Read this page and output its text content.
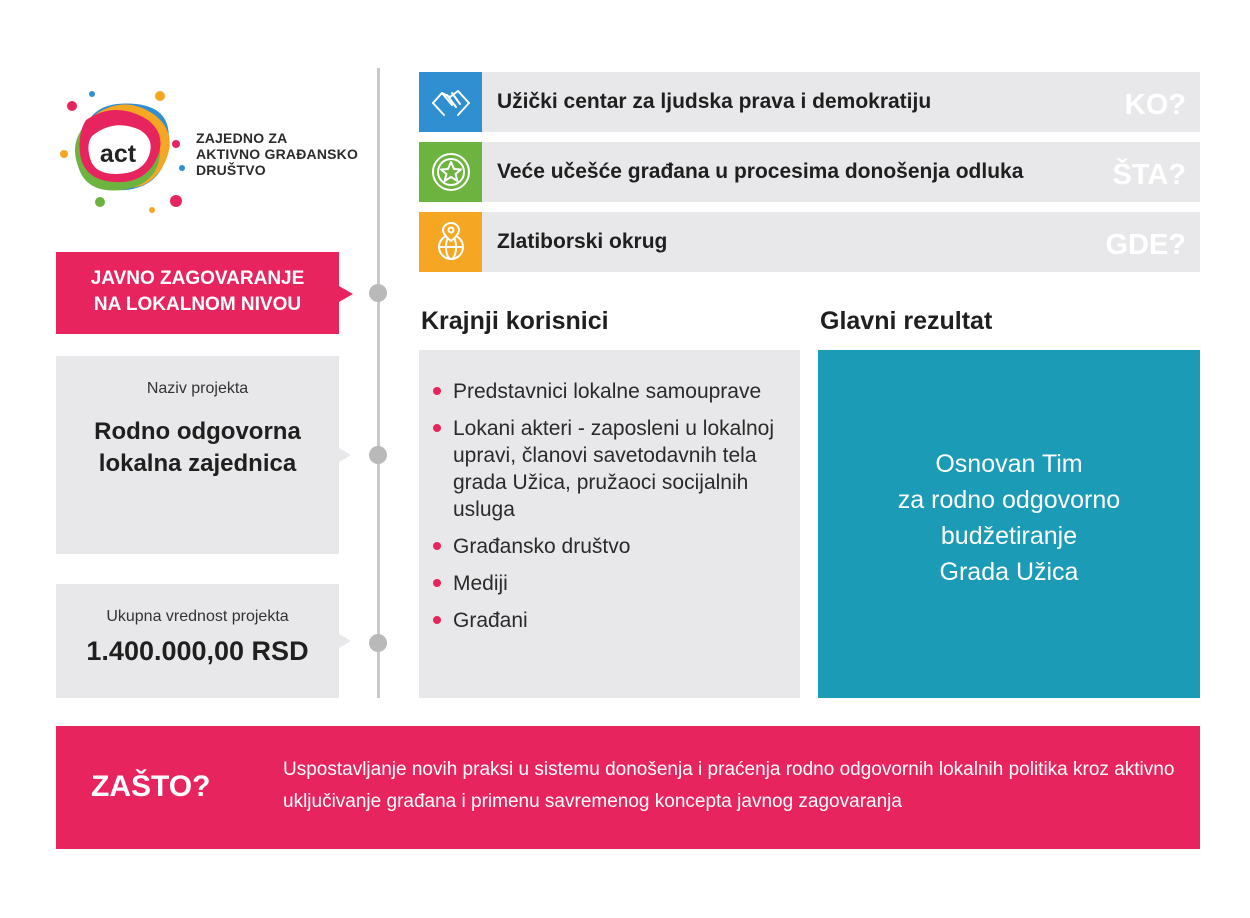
act
ZAJEDNO ZA
AKTIVNO GRAĐANSKO
DRUŠTVO
JAVNO ZAGOVARANJE
NA LOKALNOM NIVOU
Naziv projekta
Rodno odgovorna lokalna zajednica
Ukupna vrednost projekta
1.400.000,00 RSD
Užički centar za ljudska prava i demokratiju	KO?
Veće učešće građana u procesima donošenja odluka	ŠTA?
Zlatiborski okrug	GDE?
Krajnji korisnici
Predstavnici lokalne samouprave
Lokani akteri - zaposleni u lokalnoj upravi, članovi savetodavnih tela grada Užica, pružaoci socijalnih usluga
Građansko društvo
Mediji
Građani
Glavni rezultat
Osnovan Tim
za rodno odgovorno
budžetiranje
Grada Užica
ZAŠTO?
Uspostavljanje novih praksi u sistemu donošenja i praćenja rodno odgovornih lokalnih politika kroz aktivno uključivanje građana i primenu savremenog koncepta javnog zagovaranja
